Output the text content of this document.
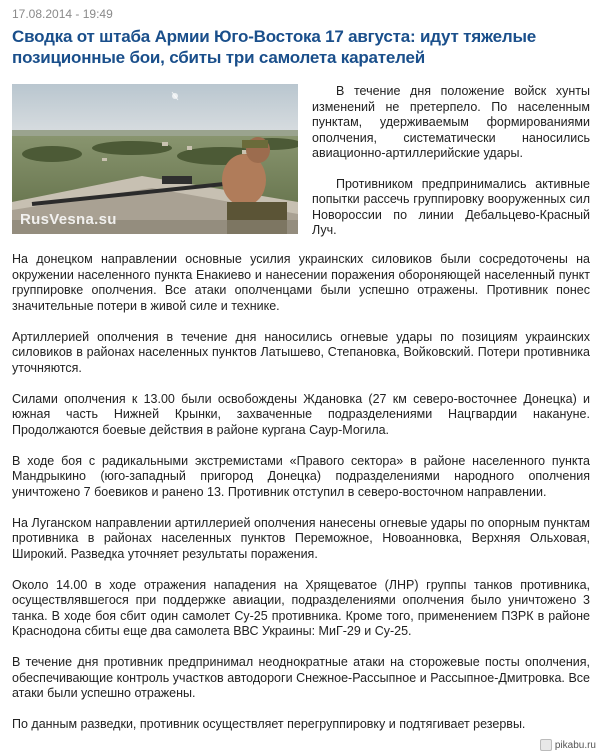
17.08.2014 - 19:49
Сводка от штаба Армии Юго-Востока 17 августа: идут тяжелые позиционные бои, сбиты три самолета карателей
RusVesna.su

В течение дня положение войск хунты изменений не претерпело. По населенным пунктам, удерживаемым формированиями ополчения, систематически наносились авиационно-артиллерийские удары.

Противником предпринимались активные попытки рассечь группировку вооруженных сил Новороссии по линии Дебальцево-Красный Луч.

На донецком направлении основные усилия украинских силовиков были сосредоточены на окружении населенного пункта Енакиево и нанесении поражения обороняющей населенный пункт группировке ополчения. Все атаки ополченцами были успешно отражены. Противник понес значительные потери в живой силе и технике.

Артиллерией ополчения в течение дня наносились огневые удары по позициям украинских силовиков в районах населенных пунктов Латышево, Степановка, Войковский. Потери противника уточняются.

Силами ополчения к 13.00 были освобождены Ждановка (27 км северо-восточнее Донецка) и южная часть Нижней Крынки, захваченные подразделениями Нацгвардии накануне. Продолжаются боевые действия в районе кургана Саур-Могила.

В ходе боя с радикальными экстремистами «Правого сектора» в районе населенного пункта Мандрыкино (юго-западный пригород Донецка) подразделениями народного ополчения уничтожено 7 боевиков и ранено 13. Противник отступил в северо-восточном направлении.

На Луганском направлении артиллерией ополчения нанесены огневые удары по опорным пунктам противника в районах населенных пунктов Переможное, Новоанновка, Верхняя Ольховая, Широкий. Разведка уточняет результаты поражения.

Около 14.00 в ходе отражения нападения на Хрящеватое (ЛНР) группы танков противника, осуществлявшегося при поддержке авиации, подразделениями ополчения было уничтожено 3 танка. В ходе боя сбит один самолет Су-25 противника. Кроме того, применением ПЗРК в районе Краснодона сбиты еще два самолета ВВС Украины: МиГ-29 и Су-25.

В течение дня противник предпринимал неоднократные атаки на сторожевые посты ополчения, обеспечивающие контроль участков автодороги Снежное-Рассыпное и Рассыпное-Дмитровка. Все атаки были успешно отражены.

По данным разведки, противник осуществляет перегруппировку и подтягивает резервы.

pikabu.ru
